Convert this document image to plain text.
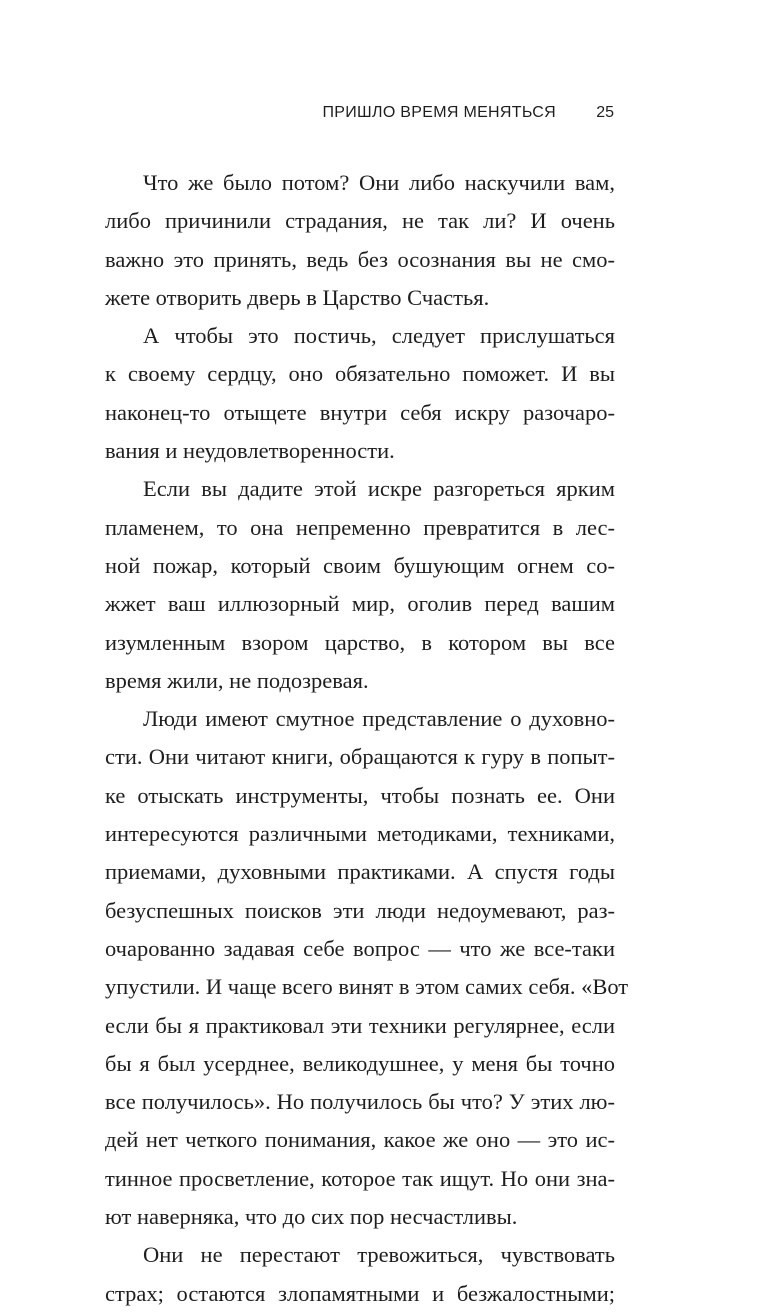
ПРИШЛО ВРЕМЯ МЕНЯТЬСЯ	25
Что же было потом? Они либо наскучили вам,
либо причинили страдания, не так ли? И очень
важно это принять, ведь без осознания вы не смо-
жете отворить дверь в Царство Счастья.
А чтобы это постичь, следует прислушаться
к своему сердцу, оно обязательно поможет. И вы
наконец-то отыщете внутри себя искру разочаро-
вания и неудовлетворенности.
Если вы дадите этой искре разгореться ярким
пламенем, то она непременно превратится в лес-
ной пожар, который своим бушующим огнем со-
жжет ваш иллюзорный мир, оголив перед вашим
изумленным взором царство, в котором вы все
время жили, не подозревая.
Люди имеют смутное представление о духовно-
сти. Они читают книги, обращаются к гуру в попыт-
ке отыскать инструменты, чтобы познать ее. Они
интересуются различными методиками, техниками,
приемами, духовными практиками. А спустя годы
безуспешных поисков эти люди недоумевают, раз-
очарованно задавая себе вопрос — что же все-таки
упустили. И чаще всего винят в этом самих себя. «Вот
если бы я практиковал эти техники регулярнее, если
бы я был усерднее, великодушнее, у меня бы точно
все получилось». Но получилось бы что? У этих лю-
дей нет четкого понимания, какое же оно — это ис-
тинное просветление, которое так ищут. Но они зна-
ют наверняка, что до сих пор несчастливы.
Они не перестают тревожиться, чувствовать
страх; остаются злопамятными и безжалостными;
